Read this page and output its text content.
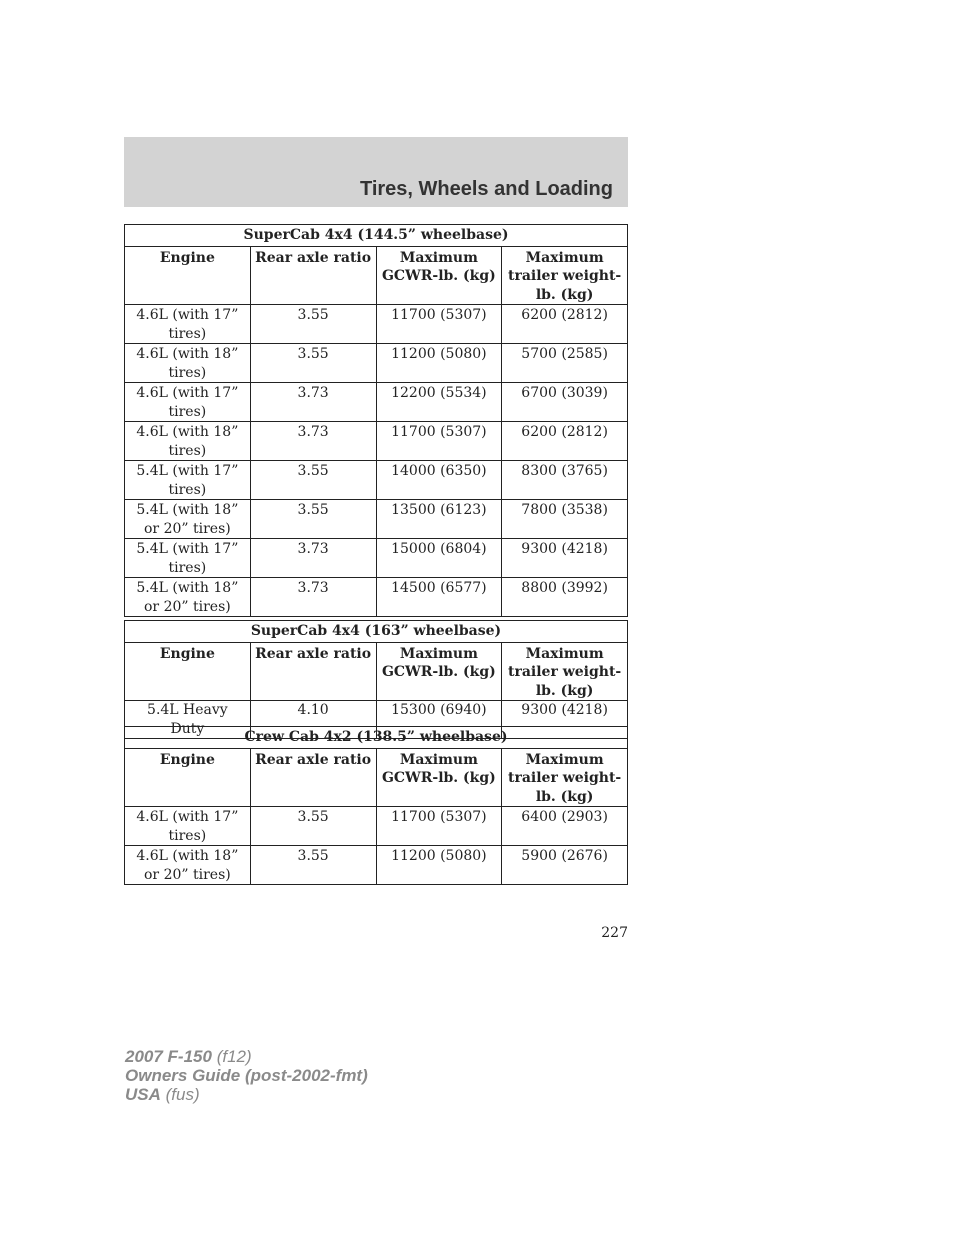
Tires, Wheels and Loading
SuperCab 4x4 (144.5” wheelbase)			
Engine	Rear axle ratio	Maximum GCWR-lb. (kg)	Maximum trailer weight-lb. (kg)
4.6L (with 17” tires)	3.55	11700 (5307)	6200 (2812)
4.6L (with 18” tires)	3.55	11200 (5080)	5700 (2585)
4.6L (with 17” tires)	3.73	12200 (5534)	6700 (3039)
4.6L (with 18” tires)	3.73	11700 (5307)	6200 (2812)
5.4L (with 17” tires)	3.55	14000 (6350)	8300 (3765)
5.4L (with 18” or 20” tires)	3.55	13500 (6123)	7800 (3538)
5.4L (with 17” tires)	3.73	15000 (6804)	9300 (4218)
5.4L (with 18” or 20” tires)	3.73	14500 (6577)	8800 (3992)
SuperCab 4x4 (163” wheelbase)			
Engine	Rear axle ratio	Maximum GCWR-lb. (kg)	Maximum trailer weight-lb. (kg)
5.4L Heavy Duty	4.10	15300 (6940)	9300 (4218)
Crew Cab 4x2 (138.5” wheelbase)			
Engine	Rear axle ratio	Maximum GCWR-lb. (kg)	Maximum trailer weight-lb. (kg)
4.6L (with 17” tires)	3.55	11700 (5307)	6400 (2903)
4.6L (with 18” or 20” tires)	3.55	11200 (5080)	5900 (2676)
227
2007 F-150 (f12)
Owners Guide (post-2002-fmt)
USA (fus)
